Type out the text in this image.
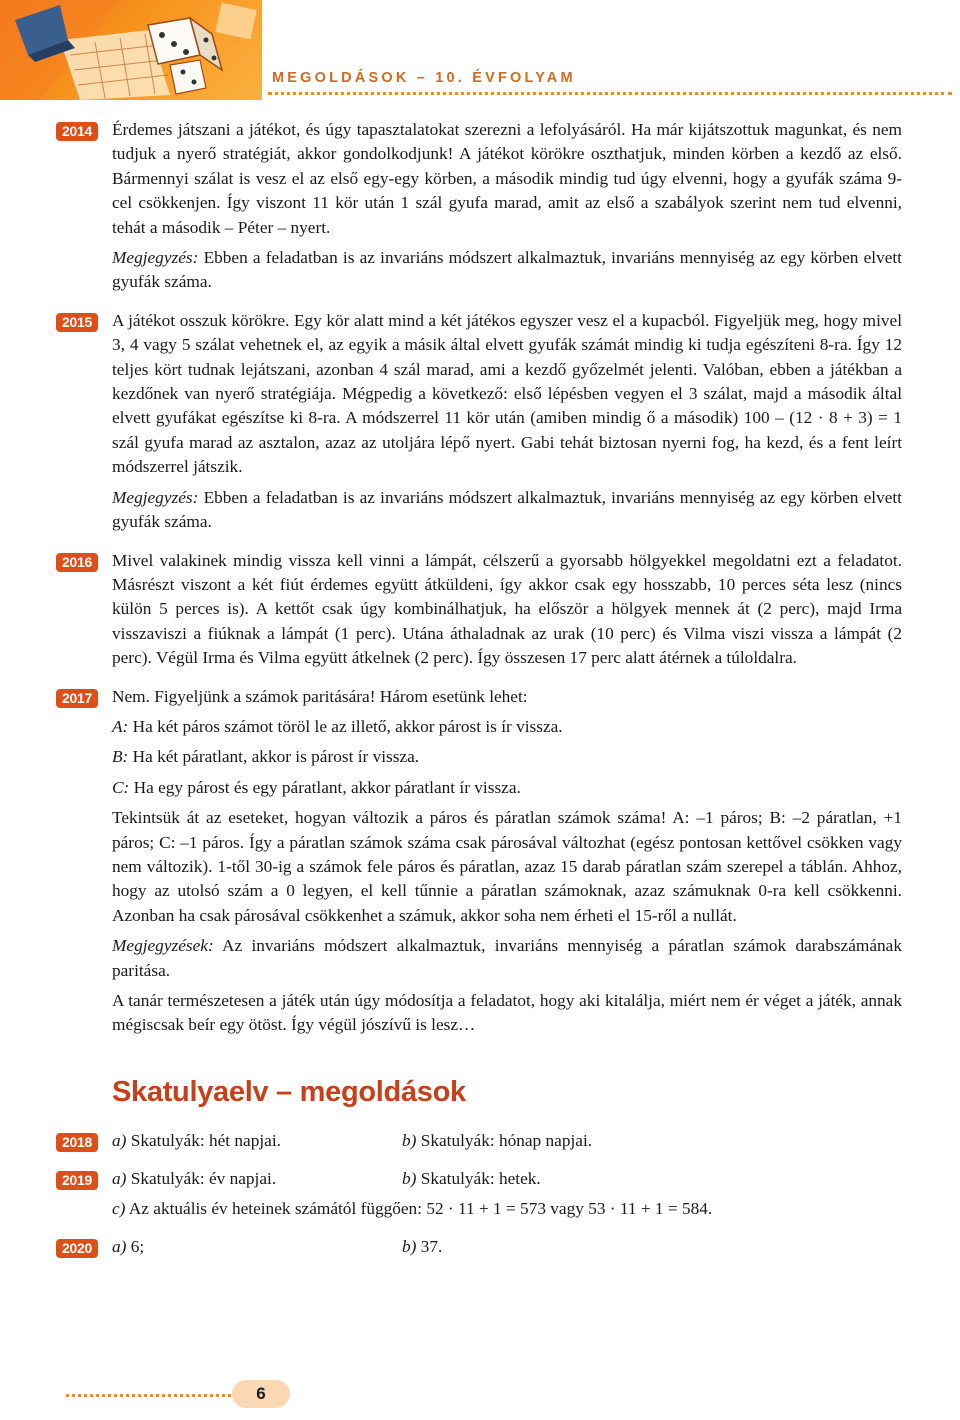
MEGOLDÁSOK – 10. ÉVFOLYAM
2014	Érdemes játszani a játékot, és úgy tapasztalatokat szerezni a lefolyásáról. Ha már kijátszottuk magunkat, és nem tudjuk a nyerő stratégiát, akkor gondolkodjunk! A játékot körökre oszthatjuk, minden körben a kezdő az első. Bármennyi szálat is vesz el az első egy-egy körben, a második mindig tud úgy elvenni, hogy a gyufák száma 9-cel csökkenjen. Így viszont 11 kör után 1 szál gyufa marad, amit az első a szabályok szerint nem tud elvenni, tehát a második – Péter – nyert.

Megjegyzés: Ebben a feladatban is az invariáns módszert alkalmaztuk, invariáns mennyiség az egy körben elvett gyufák száma.

2015	A játékot osszuk körökre. Egy kör alatt mind a két játékos egyszer vesz el a kupacból. Figyeljük meg, hogy mivel 3, 4 vagy 5 szálat vehetnek el, az egyik a másik által elvett gyufák számát mindig ki tudja egészíteni 8-ra. Így 12 teljes kört tudnak lejátszani, azonban 4 szál marad, ami a kezdő győzelmét jelenti. Valóban, ebben a játékban a kezdőnek van nyerő stratégiája. Mégpedig a következő: első lépésben vegyen el 3 szálat, majd a második által elvett gyufákat egészítse ki 8-ra. A módszerrel 11 kör után (amiben mindig ő a második) 100 – (12 · 8 + 3) = 1 szál gyufa marad az asztalon, azaz az utoljára lépő nyert. Gabi tehát biztosan nyerni fog, ha kezd, és a fent leírt módszerrel játszik.

Megjegyzés: Ebben a feladatban is az invariáns módszert alkalmaztuk, invariáns mennyiség az egy körben elvett gyufák száma.

2016	Mivel valakinek mindig vissza kell vinni a lámpát, célszerű a gyorsabb hölgyekkel megoldatni ezt a feladatot. Másrészt viszont a két fiút érdemes együtt átküldeni, így akkor csak egy hosszabb, 10 perces séta lesz (nincs külön 5 perces is). A kettőt csak úgy kombinálhatjuk, ha először a hölgyek mennek át (2 perc), majd Irma visszaviszi a fiúknak a lámpát (1 perc). Utána áthaladnak az urak (10 perc) és Vilma viszi vissza a lámpát (2 perc). Végül Irma és Vilma együtt átkelnek (2 perc). Így összesen 17 perc alatt átérnek a túloldalra.

2017	Nem. Figyeljünk a számok paritására! Három esetünk lehet:

A: Ha két páros számot töröl le az illető, akkor párost is ír vissza.

B: Ha két páratlant, akkor is párost ír vissza.

C: Ha egy párost és egy páratlant, akkor páratlant ír vissza.

Tekintsük át az eseteket, hogyan változik a páros és páratlan számok száma! A: –1 páros; B: –2 páratlan, +1 páros; C: –1 páros. Így a páratlan számok száma csak párosával változhat (egész pontosan kettővel csökken vagy nem változik). 1-től 30-ig a számok fele páros és páratlan, azaz 15 darab páratlan szám szerepel a táblán. Ahhoz, hogy az utolsó szám a 0 legyen, el kell tűnnie a páratlan számoknak, azaz számuknak 0-ra kell csökkenni. Azonban ha csak párosával csökkenhet a számuk, akkor soha nem érheti el 15-ről a nullát.

Megjegyzések: Az invariáns módszert alkalmaztuk, invariáns mennyiség a páratlan számok darabszámának paritása.

A tanár természetesen a játék után úgy módosítja a feladatot, hogy aki kitalálja, miért nem ér véget a játék, annak mégiscsak beír egy ötöst. Így végül jószívű is lesz…

Skatulyaelv – megoldások
2018	a) Skatulyák: hét napjai.	b) Skatulyák: hónap napjai.
2019	a) Skatulyák: év napjai.	b) Skatulyák: hetek.
c) Az aktuális év heteinek számától függően: 52 · 11 + 1 = 573 vagy 53 · 11 + 1 = 584.
2020	a) 6;	b) 37.
6
